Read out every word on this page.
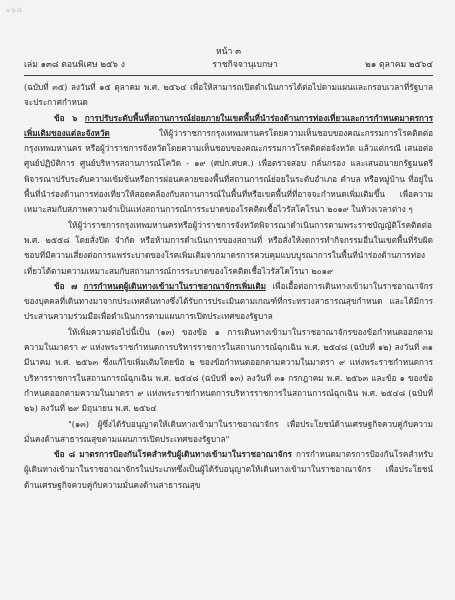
๐๖๘
หน้า ๓
เล่ม ๑๓๘ ตอนพิเศษ ๒๕๖ ง	ราชกิจจานุเบกษา	๒๑ ตุลาคม ๒๕๖๔

(ฉบับที่ ๓๕) ลงวันที่ ๑๕ ตุลาคม พ.ศ. ๒๕๖๔ เพื่อให้สามารถเปิดดำเนินการได้ต่อไปตามแผนและกรอบเวลาที่รัฐบาลจะประกาศกำหนด

ข้อ ๖ การปรับระดับพื้นที่สถานการณ์ย่อยภายในเขตพื้นที่นำร่องด้านการท่องเที่ยวและการกำหนดมาตรการเพิ่มเติมของแต่ละจังหวัด ให้ผู้ว่าราชการกรุงเทพมหานครโดยความเห็นชอบของคณะกรรมการโรคติดต่อกรุงเทพมหานคร หรือผู้ว่าราชการจังหวัดโดยความเห็นชอบของคณะกรรมการโรคติดต่อจังหวัด แล้วแต่กรณี เสนอต่อศูนย์ปฏิบัติการ ศูนย์บริหารสถานการณ์โควิด - ๑๙ (ศปก.ศบค.) เพื่อตรวจสอบ กลั่นกรอง และเสนอนายกรัฐมนตรีพิจารณาปรับระดับความเข้มข้นหรือการผ่อนคลายของพื้นที่สถานการณ์ย่อยในระดับอำเภอ ตำบล หรือหมู่บ้าน ที่อยู่ในพื้นที่นำร่องด้านการท่องเที่ยวให้สอดคล้องกับสถานการณ์ในพื้นที่หรือเขตพื้นที่ที่อาจจะกำหนดเพิ่มเติมขึ้น เพื่อความเหมาะสมกับสภาพความจำเป็นแห่งสถานการณ์การระบาดของโรคติดเชื้อไวรัสโคโรนา ๒๐๑๙ ในห้วงเวลาต่าง ๆ

ให้ผู้ว่าราชการกรุงเทพมหานครหรือผู้ว่าราชการจังหวัดพิจารณาดำเนินการตามพระราชบัญญัติโรคติดต่อ พ.ศ. ๒๕๕๘ โดยสั่งปิด จำกัด หรือห้ามการดำเนินการของสถานที่ หรือสั่งให้งดการทำกิจกรรมอื่นในเขตพื้นที่รับผิดชอบที่มีความเสี่ยงต่อการแพร่ระบาดของโรคเพิ่มเติมจากมาตรการควบคุมแบบบูรณาการในพื้นที่นำร่องด้านการท่องเที่ยวได้ตามความเหมาะสมกับสถานการณ์การระบาดของโรคติดเชื้อไวรัสโคโรนา ๒๐๑๙

ข้อ ๗ การกำหนดผู้เดินทางเข้ามาในราชอาณาจักรเพิ่มเติม เพื่อเอื้อต่อการเดินทางเข้ามาในราชอาณาจักรของบุคคลที่เดินทางมาจากประเทศต้นทางซึ่งได้รับการประเมินตามเกณฑ์ที่กระทรวงสาธารณสุขกำหนด และได้มีการประสานความร่วมมือเพื่อดำเนินการตามแผนการเปิดประเทศของรัฐบาล

ให้เพิ่มความต่อไปนี้เป็น (๑๓) ของข้อ ๑ การเดินทางเข้ามาในราชอาณาจักรของข้อกำหนดออกตามความในมาตรา ๙ แห่งพระราชกำหนดการบริหารราชการในสถานการณ์ฉุกเฉิน พ.ศ. ๒๕๔๘ (ฉบับที่ ๑๒) ลงวันที่ ๓๑ มีนาคม พ.ศ. ๒๕๖๓ ซึ่งแก้ไขเพิ่มเติมโดยข้อ ๒ ของข้อกำหนดออกตามความในมาตรา ๙ แห่งพระราชกำหนดการบริหารราชการในสถานการณ์ฉุกเฉิน พ.ศ. ๒๕๔๘ (ฉบับที่ ๑๓) ลงวันที่ ๓๑ กรกฎาคม พ.ศ. ๒๕๖๓ และข้อ ๑ ของข้อกำหนดออกตามความในมาตรา ๙ แห่งพระราชกำหนดการบริหารราชการในสถานการณ์ฉุกเฉิน พ.ศ. ๒๕๔๘ (ฉบับที่ ๒๖) ลงวันที่ ๒๙ มิถุนายน พ.ศ. ๒๕๖๔

"(๑๓) ผู้ซึ่งได้รับอนุญาตให้เดินทางเข้ามาในราชอาณาจักร เพื่อประโยชน์ด้านเศรษฐกิจควบคู่กับความมั่นคงด้านสาธารณสุขตามแผนการเปิดประเทศของรัฐบาล"

ข้อ ๘ มาตรการป้องกันโรคสำหรับผู้เดินทางเข้ามาในราชอาณาจักร การกำหนดมาตรการป้องกันโรคสำหรับผู้เดินทางเข้ามาในราชอาณาจักรในประเภทซึ่งเป็นผู้ได้รับอนุญาตให้เดินทางเข้ามาในราชอาณาจักร เพื่อประโยชน์ด้านเศรษฐกิจควบคู่กับความมั่นคงด้านสาธารณสุข
